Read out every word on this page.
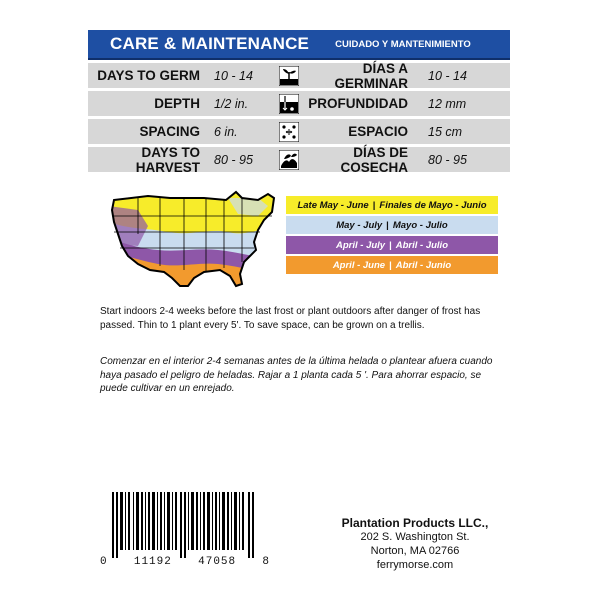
CARE & MAINTENANCE	CUIDADO Y MANTENIMIENTO
DAYS TO GERM	10 - 14	DÍAS A GERMINAR	10 - 14
DEPTH	1/2 in.	PROFUNDIDAD	12 mm
SPACING	6 in.	ESPACIO	15 cm
DAYS TO HARVEST	80 - 95	DÍAS DE COSECHA	80 - 95
Late May - June | Finales de Mayo - Junio
May - July | Mayo - Julio
April - July | Abril - Julio
April - June | Abril - Junio
Start indoors 2-4 weeks before the last frost or plant outdoors after danger of frost has passed. Thin to 1 plant every 5'. To save space, can be grown on a trellis.
Comenzar en el interior 2-4 semanas antes de la última helada o plantear afuera cuando haya pasado el peligro de heladas. Rajar a 1 planta cada 5 '. Para ahorrar espacio, se puede cultivar en un enrejado.
0 11192 47058 8
Plantation Products LLC.,
202 S. Washington St.
Norton, MA 02766
ferrymorse.com
